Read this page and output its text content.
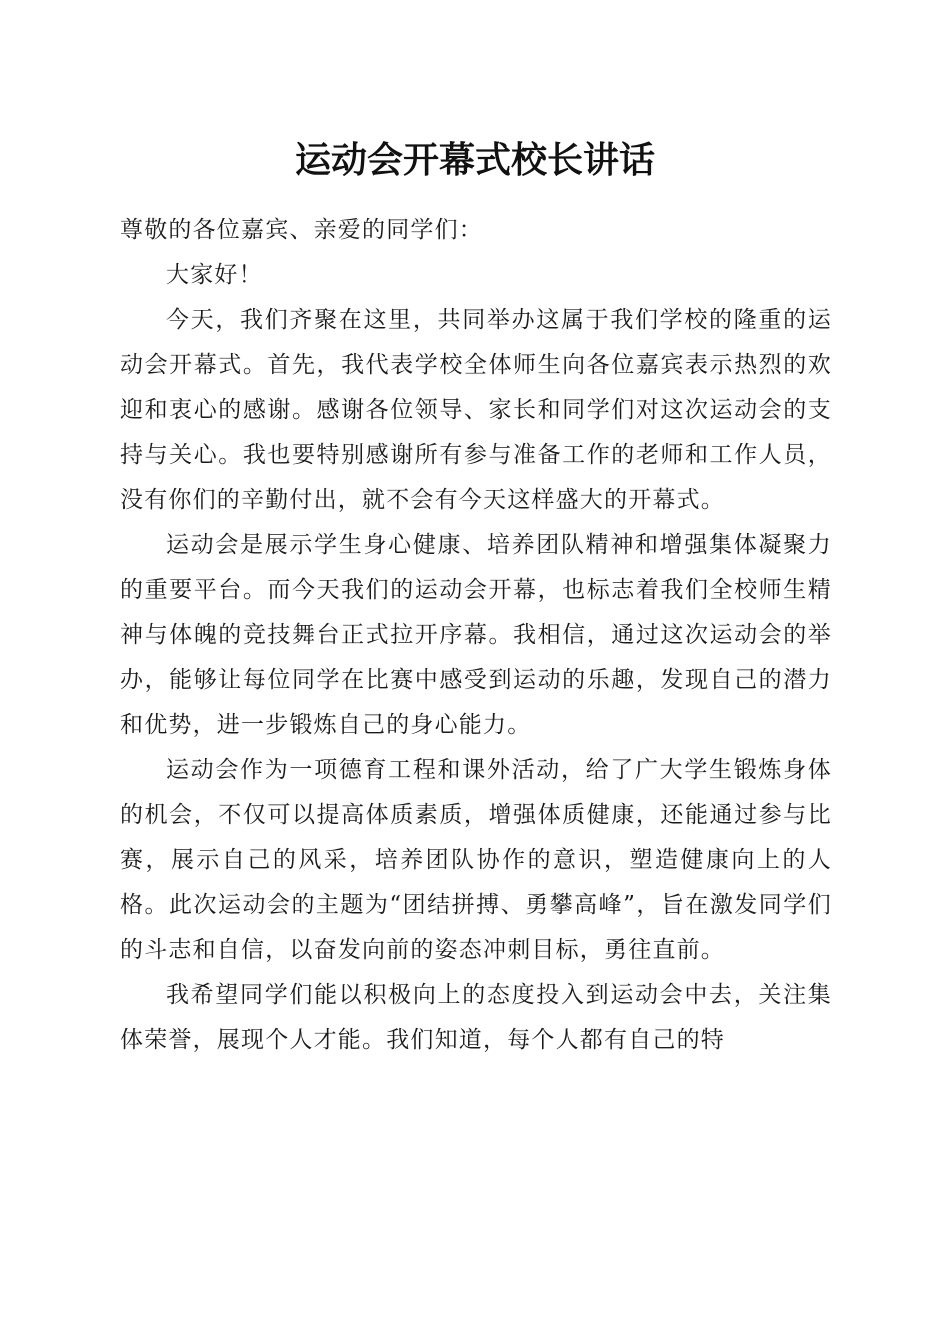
运动会开幕式校长讲话

尊敬的各位嘉宾、亲爱的同学们：

大家好！

今天，我们齐聚在这里，共同举办这属于我们学校的隆重的运动会开幕式。首先，我代表学校全体师生向各位嘉宾表示热烈的欢迎和衷心的感谢。感谢各位领导、家长和同学们对这次运动会的支持与关心。我也要特别感谢所有参与准备工作的老师和工作人员，没有你们的辛勤付出，就不会有今天这样盛大的开幕式。

运动会是展示学生身心健康、培养团队精神和增强集体凝聚力的重要平台。而今天我们的运动会开幕，也标志着我们全校师生精神与体魄的竞技舞台正式拉开序幕。我相信，通过这次运动会的举办，能够让每位同学在比赛中感受到运动的乐趣，发现自己的潜力和优势，进一步锻炼自己的身心能力。

运动会作为一项德育工程和课外活动，给了广大学生锻炼身体的机会，不仅可以提高体质素质，增强体质健康，还能通过参与比赛，展示自己的风采，培养团队协作的意识，塑造健康向上的人格。此次运动会的主题为“团结拼搏、勇攀高峰”，旨在激发同学们的斗志和自信，以奋发向前的姿态冲刺目标，勇往直前。

我希望同学们能以积极向上的态度投入到运动会中去，关注集体荣誉，展现个人才能。我们知道，每个人都有自己的特
